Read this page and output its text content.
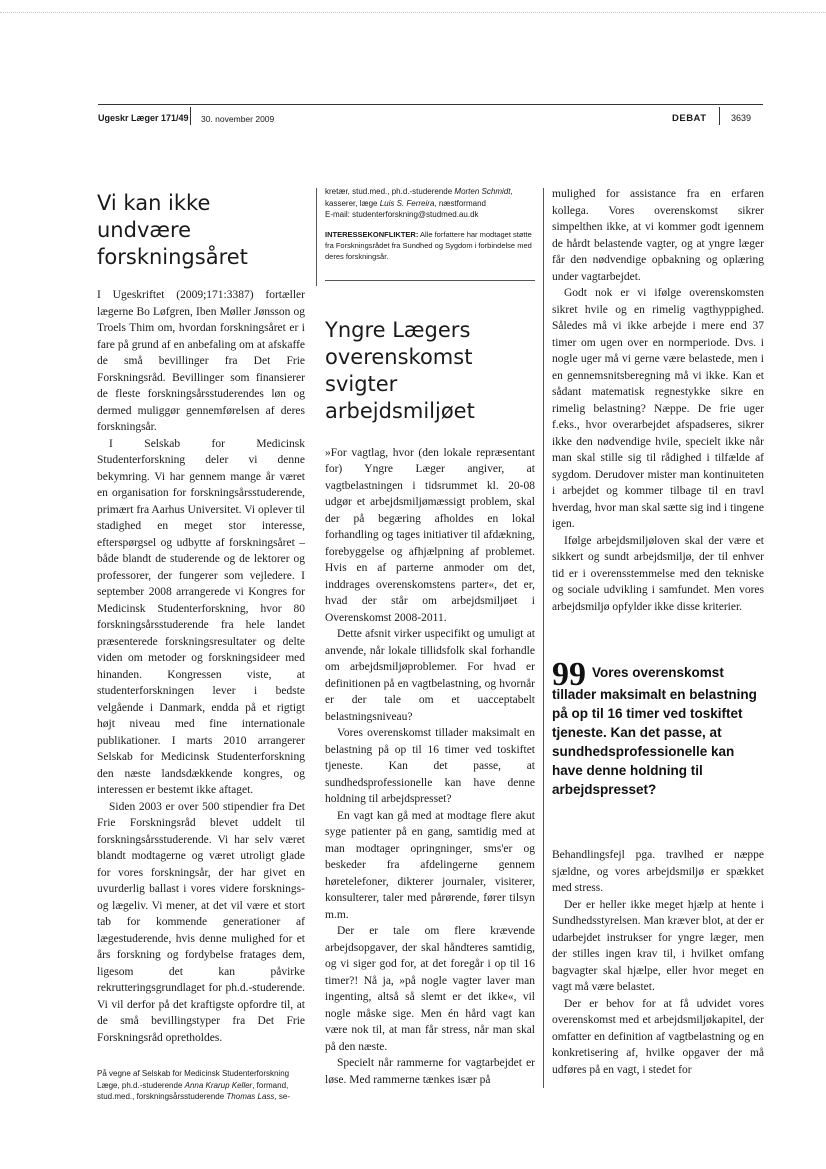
Ugeskr Læger 171/49 30. november 2009	DEBAT	3639
Vi kan ikke undvære forskningsåret

I Ugeskriftet (2009;171:3387) fortæller lægerne Bo Løfgren, Iben Møller Jønsson og Troels Thim om, hvordan forskningsåret er i fare på grund af en anbefaling om at afskaffe de små bevillinger fra Det Frie Forskningsråd. Bevillinger som finansierer de fleste forskningsårsstuderendes løn og dermed muliggør gennemførelsen af deres forskningsår.

I Selskab for Medicinsk Studenterforskning deler vi denne bekymring. Vi har gennem mange år været en organisation for forskningsårsstuderende, primært fra Aarhus Universitet. Vi oplever til stadighed en meget stor interesse, efterspørgsel og udbytte af forskningsåret – både blandt de studerende og de lektorer og professorer, der fungerer som vejledere. I september 2008 arrangerede vi Kongres for Medicinsk Studenterforskning, hvor 80 forskningsårsstuderende fra hele landet præsenterede forskningsresultater og delte viden om metoder og forskningsideer med hinanden. Kongressen viste, at studenterforskningen lever i bedste velgående i Danmark, endda på et rigtigt højt niveau med fine internationale publikationer. I marts 2010 arrangerer Selskab for Medicinsk Studenterforskning den næste landsdækkende kongres, og interessen er bestemt ikke aftaget.

Siden 2003 er over 500 stipendier fra Det Frie Forskningsråd blevet uddelt til forskningsårsstuderende. Vi har selv været blandt modtagerne og været utroligt glade for vores forskningsår, der har givet en uvurderlig ballast i vores videre forsknings- og lægeliv. Vi mener, at det vil være et stort tab for kommende generationer af lægestuderende, hvis denne mulighed for et års forskning og fordybelse fratages dem, ligesom det kan påvirke rekrutteringsgrundlaget for ph.d.-studerende. Vi vil derfor på det kraftigste opfordre til, at de små bevillingstyper fra Det Frie Forskningsråd opretholdes.

På vegne af Selskab for Medicinsk Studenterforskning
Læge, ph.d.-studerende Anna Krarup Keller, formand,
stud.med., forskningsårsstuderende Thomas Lass, se-

kretær, stud.med., ph.d.-studerende Morten Schmidt,
kasserer, læge Luis S. Ferreira, næstformand
E-mail: studenterforskning@studmed.au.dk

INTERESSEKONFLIKTER: Alle forfattere har modtaget støtte fra Forskningsrådet fra Sundhed og Sygdom i forbindelse med deres forskningsår.

Yngre Lægers overenskomst svigter arbejdsmiljøet

»For vagtlag, hvor (den lokale repræsentant for) Yngre Læger angiver, at vagtbelastningen i tidsrummet kl. 20-08 udgør et arbejdsmiljømæssigt problem, skal der på begæring afholdes en lokal forhandling og tages initiativer til afdækning, forebyggelse og afhjælpning af problemet. Hvis en af parterne anmoder om det, inddrages overenskomstens parter«, det er, hvad der står om arbejdsmiljøet i Overenskomst 2008-2011.

Dette afsnit virker uspecifikt og umuligt at anvende, når lokale tillidsfolk skal forhandle om arbejdsmiljøproblemer. For hvad er definitionen på en vagtbelastning, og hvornår er der tale om et uacceptabelt belastningsniveau?

Vores overenskomst tillader maksimalt en belastning på op til 16 timer ved toskiftet tjeneste. Kan det passe, at sundhedsprofessionelle kan have denne holdning til arbejdspresset?

En vagt kan gå med at modtage flere akut syge patienter på en gang, samtidig med at man modtager opringninger, sms'er og beskeder fra afdelingerne gennem høretelefoner, dikterer journaler, visiterer, konsulterer, taler med pårørende, fører tilsyn m.m.

Der er tale om flere krævende arbejdsopgaver, der skal håndteres samtidig, og vi siger god for, at det foregår i op til 16 timer?! Nå ja, »på nogle vagter laver man ingenting, altså så slemt er det ikke«, vil nogle måske sige. Men én hård vagt kan være nok til, at man får stress, når man skal på den næste.

Specielt når rammerne for vagtarbejdet er løse. Med rammerne tænkes især på

mulighed for assistance fra en erfaren kollega. Vores overenskomst sikrer simpelthen ikke, at vi kommer godt igennem de hårdt belastende vagter, og at yngre læger får den nødvendige opbakning og oplæring under vagtarbejdet.

Godt nok er vi ifølge overenskomsten sikret hvile og en rimelig vagthyppighed. Således må vi ikke arbejde i mere end 37 timer om ugen over en normperiode. Dvs. i nogle uger må vi gerne være belastede, men i en gennemsnitsberegning må vi ikke. Kan et sådant matematisk regnestykke sikre en rimelig belastning? Næppe. De frie uger f.eks., hvor overarbejdet afspadseres, sikrer ikke den nødvendige hvile, specielt ikke når man skal stille sig til rådighed i tilfælde af sygdom. Derudover mister man kontinuiteten i arbejdet og kommer tilbage til en travl hverdag, hvor man skal sætte sig ind i tingene igen.

Ifølge arbejdsmiljøloven skal der være et sikkert og sundt arbejdsmiljø, der til enhver tid er i overensstemmelse med den tekniske og sociale udvikling i samfundet. Men vores arbejdsmiljø opfylder ikke disse kriterier.

99 Vores overenskomst tillader maksimalt en belastning på op til 16 timer ved toskiftet tjeneste. Kan det passe, at sundhedsprofessionelle kan have denne holdning til arbejdspresset?

Behandlingsfejl pga. travlhed er næppe sjældne, og vores arbejdsmiljø er spækket med stress.

Der er heller ikke meget hjælp at hente i Sundhedsstyrelsen. Man kræver blot, at der er udarbejdet instrukser for yngre læger, men der stilles ingen krav til, i hvilket omfang bagvagter skal hjælpe, eller hvor meget en vagt må være belastet.

Der er behov for at få udvidet vores overenskomst med et arbejdsmiljøkapitel, der omfatter en definition af vagtbelastning og en konkretisering af, hvilke opgaver der må udføres på en vagt, i stedet for
